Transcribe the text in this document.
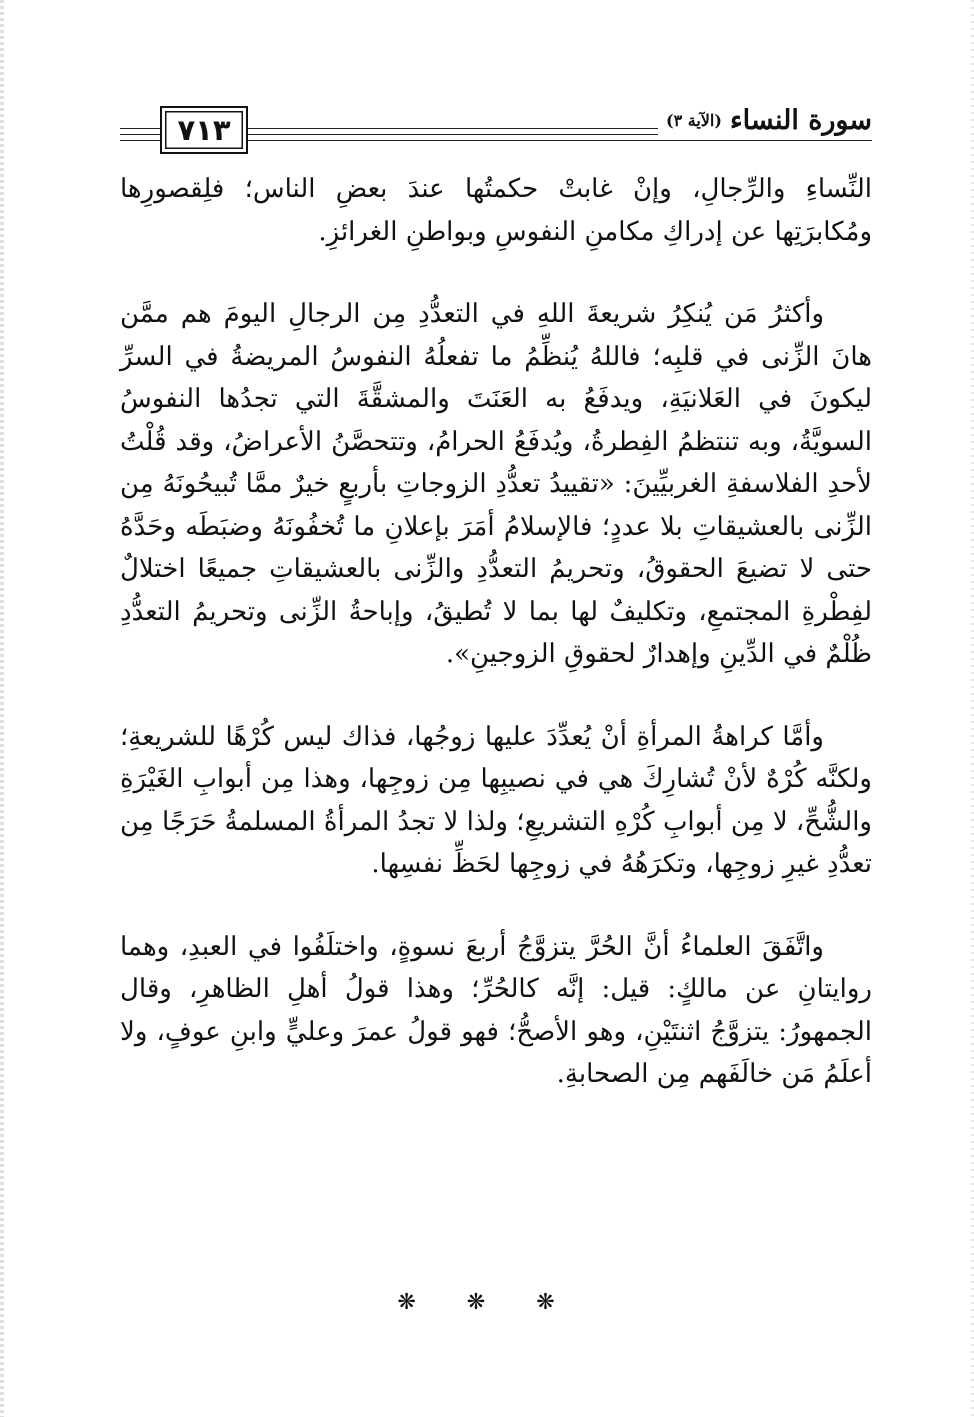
٧١٣	سورة النساء
(الآية ٣)

النِّساءِ والرِّجالِ، وإنْ غابتْ حكمتُها عندَ بعضِ الناس؛ فلِقصورِها ومُكابرَتِها عن إدراكِ مكامنِ النفوسِ وبواطنِ الغرائزِ.

وأكثرُ مَن يُنكِرُ شريعةَ اللهِ في التعدُّدِ مِن الرجالِ اليومَ هم ممَّن هانَ الزِّنى في قلبِه؛ فاللهُ يُنظِّمُ ما تفعلُهُ النفوسُ المريضةُ في السرِّ ليكونَ في العَلانيَةِ، ويدفَعُ به العَنَتَ والمشقَّةَ التي تجدُها النفوسُ السويَّةُ، وبه تنتظمُ الفِطرةُ، ويُدفَعُ الحرامُ، وتتحصَّنُ الأعراضُ، وقد قُلْتُ لأحدِ الفلاسفةِ الغربيِّينَ: «تقييدُ تعدُّدِ الزوجاتِ بأربعٍ خيرٌ ممَّا تُبيحُونَهُ مِن الزِّنى بالعشيقاتِ بلا عددٍ؛ فالإسلامُ أمَرَ بإعلانِ ما تُخفُونَهُ وضبَطَه وحَدَّهُ حتى لا تضيعَ الحقوقُ، وتحريمُ التعدُّدِ والزِّنى بالعشيقاتِ جميعًا اختلالٌ لفِطْرةِ المجتمعِ، وتكليفٌ لها بما لا تُطيقُ، وإباحةُ الزِّنى وتحريمُ التعدُّدِ ظُلْمٌ في الدِّينِ وإهدارٌ لحقوقِ الزوجينِ».

وأمَّا كراهةُ المرأةِ أنْ يُعدِّدَ عليها زوجُها، فذاك ليس كُرْهًا للشريعةِ؛ ولكنَّه كُرْهٌ لأنْ تُشارِكَ هي في نصيبِها مِن زوجِها، وهذا مِن أبوابِ الغَيْرَةِ والشُّحِّ، لا مِن أبوابِ كُرْهِ التشريعِ؛ ولذا لا تجدُ المرأةُ المسلمةُ حَرَجًا مِن تعدُّدِ غيرِ زوجِها، وتكرَهُهُ في زوجِها لحَظِّ نفسِها.

واتَّفَقَ العلماءُ أنَّ الحُرَّ يتزوَّجُ أربعَ نسوةٍ، واختلَفُوا في العبدِ، وهما روايتانِ عن مالكٍ: قيل: إنَّه كالحُرِّ؛ وهذا قولُ أهلِ الظاهرِ، وقال الجمهورُ: يتزوَّجُ اثنتَيْنِ، وهو الأصحُّ؛ فهو قولُ عمرَ وعليٍّ وابنِ عوفٍ، ولا أعلَمُ مَن خالَفَهم مِن الصحابةِ.

❋ ❋ ❋
